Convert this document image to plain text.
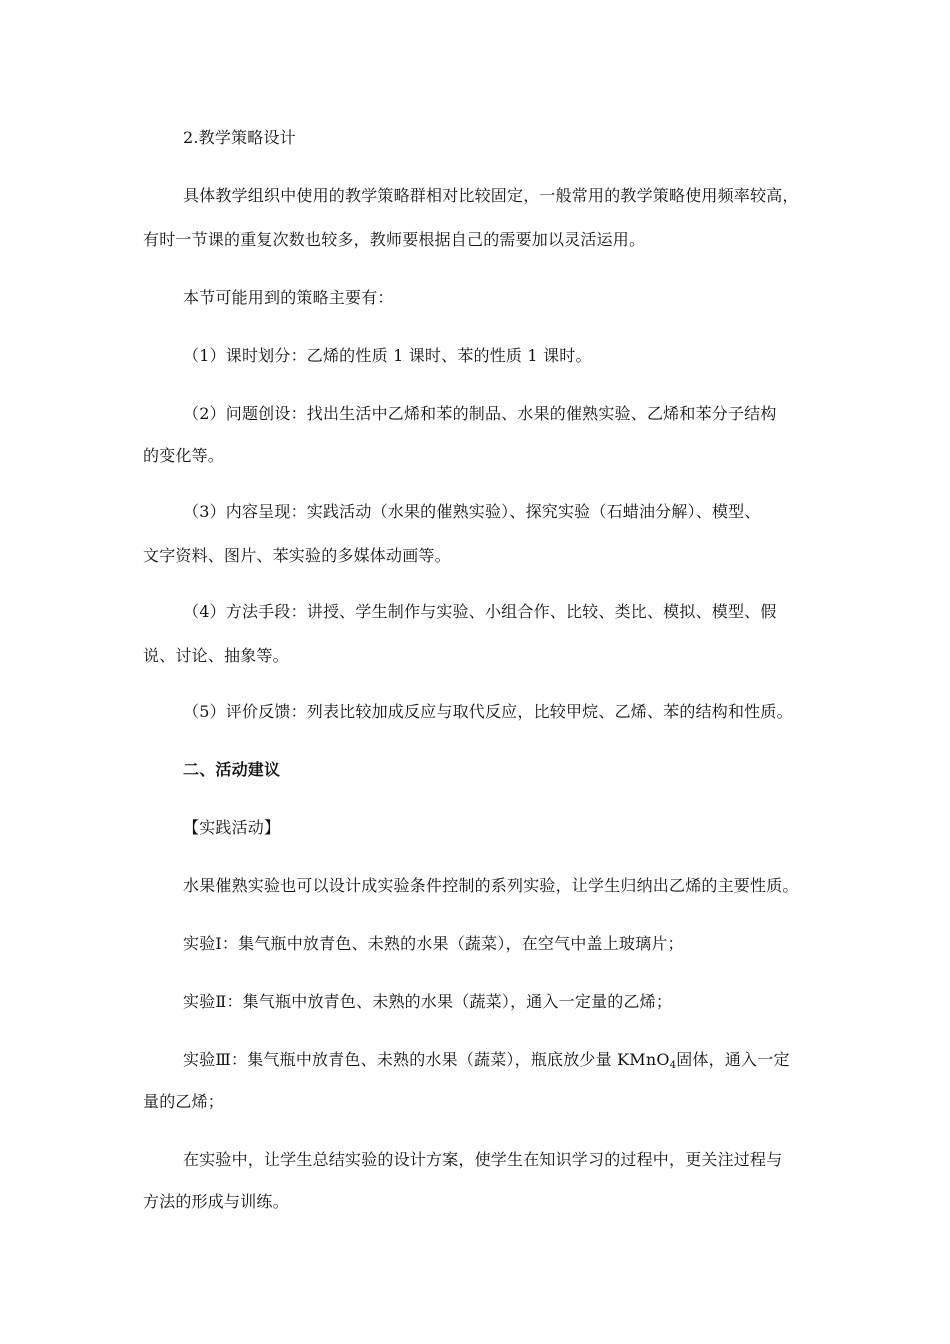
2.教学策略设计
具体教学组织中使用的教学策略群相对比较固定，一般常用的教学策略使用频率较高，
有时一节课的重复次数也较多，教师要根据自己的需要加以灵活运用。
本节可能用到的策略主要有：
（1）课时划分：乙烯的性质 1 课时、苯的性质 1 课时。
（2）问题创设：找出生活中乙烯和苯的制品、水果的催熟实验、乙烯和苯分子结构
的变化等。
（3）内容呈现：实践活动（水果的催熟实验）、探究实验（石蜡油分解）、模型、
文字资料、图片、苯实验的多媒体动画等。
（4）方法手段：讲授、学生制作与实验、小组合作、比较、类比、模拟、模型、假
说、讨论、抽象等。
（5）评价反馈：列表比较加成反应与取代反应，比较甲烷、乙烯、苯的结构和性质。
二、活动建议
【实践活动】
水果催熟实验也可以设计成实验条件控制的系列实验，让学生归纳出乙烯的主要性质。
实验Ⅰ：集气瓶中放青色、未熟的水果（蔬菜），在空气中盖上玻璃片；
实验Ⅱ：集气瓶中放青色、未熟的水果（蔬菜），通入一定量的乙烯；
实验Ⅲ：集气瓶中放青色、未熟的水果（蔬菜），瓶底放少量 KMnO$_4$固体，通入一定
量的乙烯；
在实验中，让学生总结实验的设计方案，使学生在知识学习的过程中，更关注过程与
方法的形成与训练。
